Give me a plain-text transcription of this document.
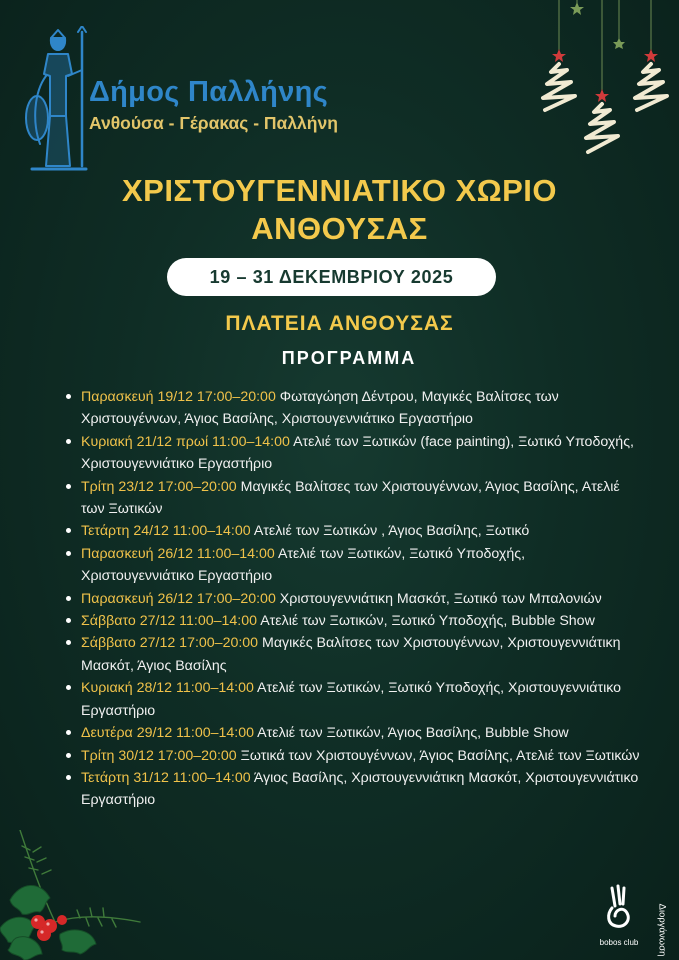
Δήμος Παλλήνης
Ανθούσα - Γέρακας - Παλλήνη
ΧΡΙΣΤΟΥΓΕΝΝΙΑΤΙΚΟ ΧΩΡΙΟ
ΑΝΘΟΥΣΑΣ
19 – 31 ΔΕΚΕΜΒΡΙΟΥ 2025
ΠΛΑΤΕΙΑ ΑΝΘΟΥΣΑΣ
ΠΡΟΓΡΑΜΜΑ
Παρασκευή 19/12 17:00–20:00 Φωταγώηση Δέντρου, Μαγικές Βαλίτσες των Χριστουγέννων, Άγιος Βασίλης, Χριστουγεννιάτικο Εργαστήριο
Κυριακή 21/12 πρωί 11:00–14:00 Ατελιέ των Ξωτικών (face painting), Ξωτικό Υποδοχής, Χριστουγεννιάτικο Εργαστήριο
Τρίτη 23/12 17:00–20:00 Μαγικές Βαλίτσες των Χριστουγέννων, Άγιος Βασίλης, Ατελιέ των Ξωτικών
Τετάρτη 24/12 11:00–14:00 Ατελιέ των Ξωτικών , Άγιος Βασίλης, Ξωτικό
Παρασκευή 26/12 11:00–14:00 Ατελιέ των Ξωτικών, Ξωτικό Υποδοχής, Χριστουγεννιάτικο Εργαστήριο
Παρασκευή 26/12 17:00–20:00 Χριστουγεννιάτικη Μασκότ, Ξωτικό των Μπαλονιών
Σάββατο 27/12 11:00–14:00 Ατελιέ των Ξωτικών, Ξωτικό Υποδοχής, Bubble Show
Σάββατο 27/12 17:00–20:00 Μαγικές Βαλίτσες των Χριστουγέννων, Χριστουγεννιάτικη Μασκότ, Άγιος Βασίλης
Κυριακή 28/12 11:00–14:00 Ατελιέ των Ξωτικών, Ξωτικό Υποδοχής, Χριστουγεννιάτικο Εργαστήριο
Δευτέρα 29/12 11:00–14:00 Ατελιέ των Ξωτικών, Άγιος Βασίλης, Bubble Show
Τρίτη 30/12 17:00–20:00 Ξωτικά των Χριστουγέννων, Άγιος Βασίλης, Ατελιέ των Ξωτικών
Τετάρτη 31/12 11:00–14:00 Άγιος Βασίλης, Χριστουγεννιάτικη Μασκότ, Χριστουγεννιάτικο Εργαστήριο
bobos club	Διοργάνωση
